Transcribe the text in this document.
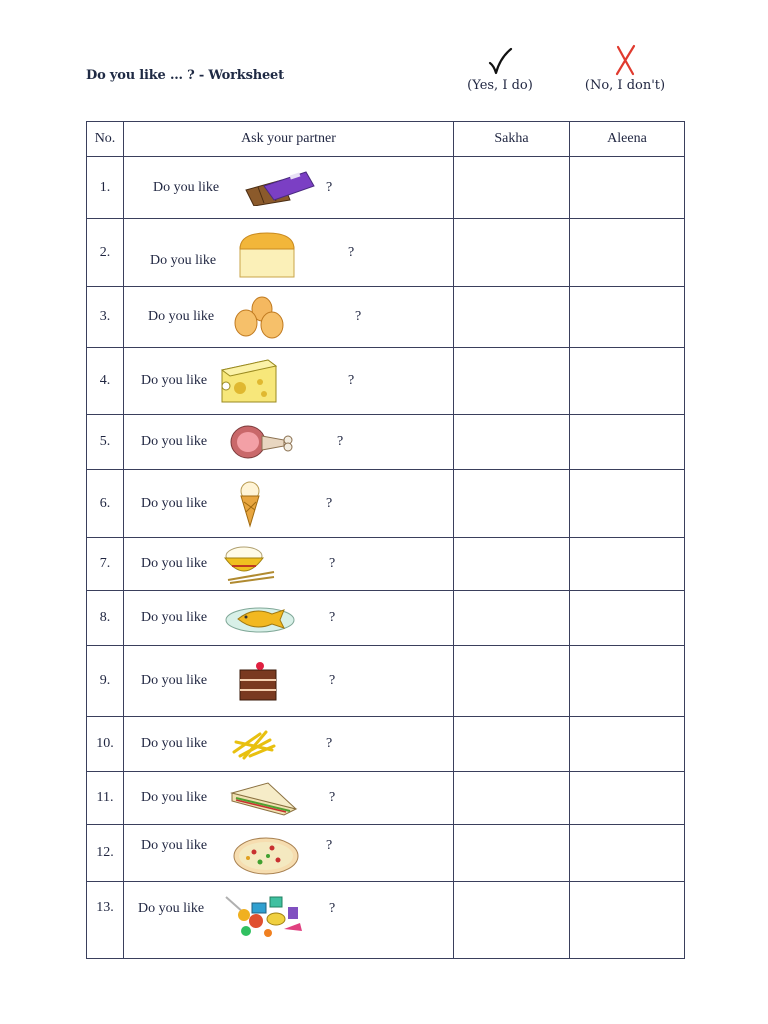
Do you like … ? - Worksheet
(Yes, I do)	(No, I don't)
No.	Ask your partner	Sakha	Aleena
1.	Do you like ?		

2.	Do you like
?		

3.	Do you like ?		

4.	Do you like ?		

5.	Do you like ?		

6.	Do you like ?		

7.	Do you like ?		

8.	Do you like ?		

9.	Do you like ?		

10.	Do you like ?		

11.	Do you like ?		

12.	Do you like ?		

13.	Do you like ?		
